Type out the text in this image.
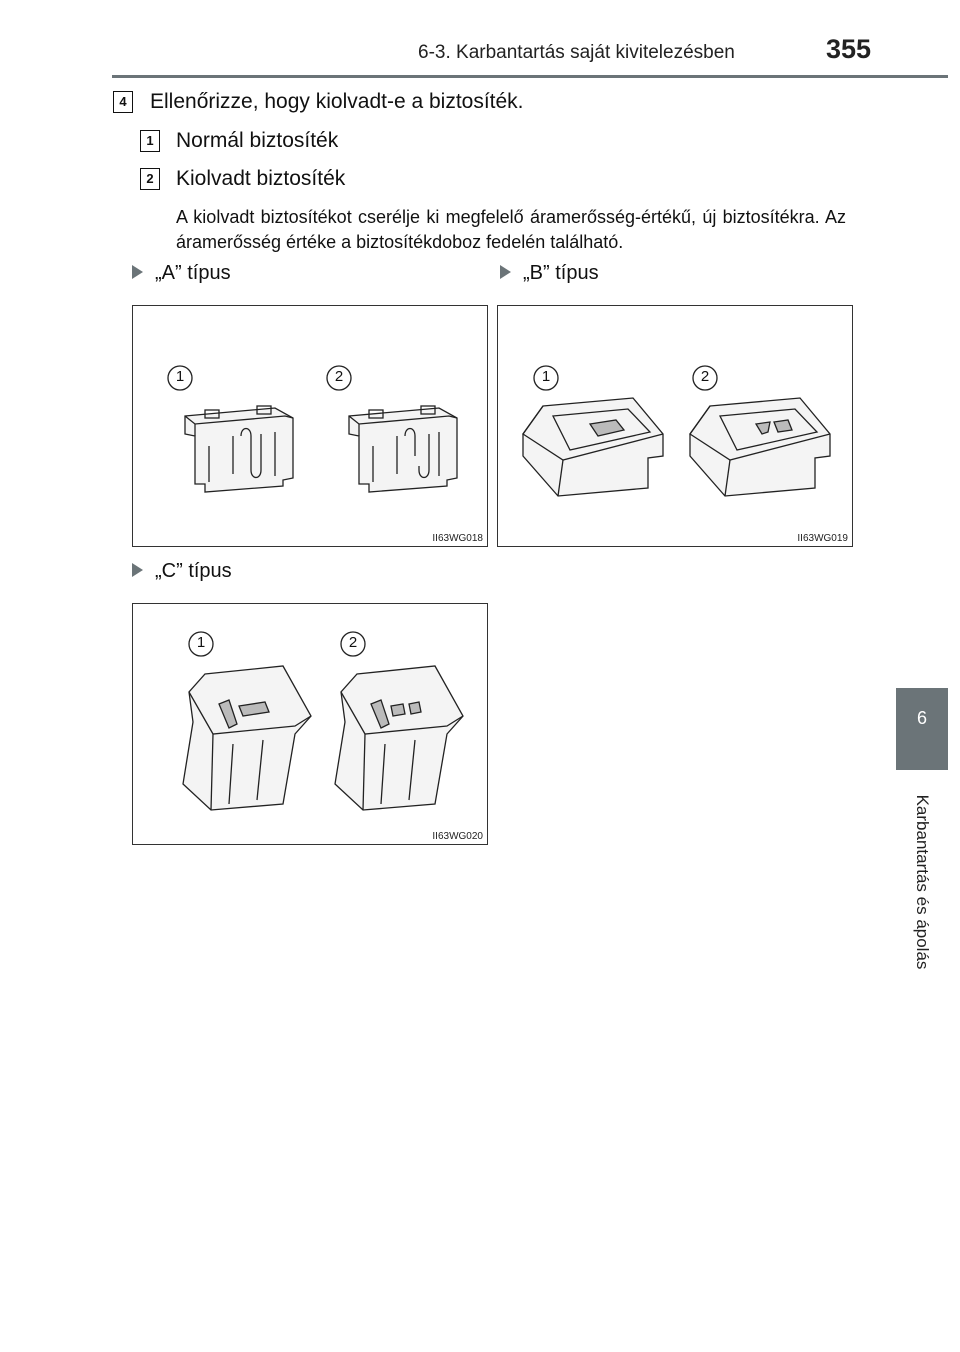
6-3. Karbantartás saját kivitelezésben	355
6
Karbantartás és ápolás
4	Ellenőrizze, hogy kiolvadt-e a biztosíték.
1	Normál biztosíték
2	Kiolvadt biztosíték
A kiolvadt biztosítékot cserélje ki megfelelő áramerősség-értékű, új biztosítékra. Az áramerősség értéke a biztosítékdoboz fedelén található.
„A” típus	„B” típus
„C” típus
1	2
II63WG018
1	2
II63WG019
1	2
II63WG020
